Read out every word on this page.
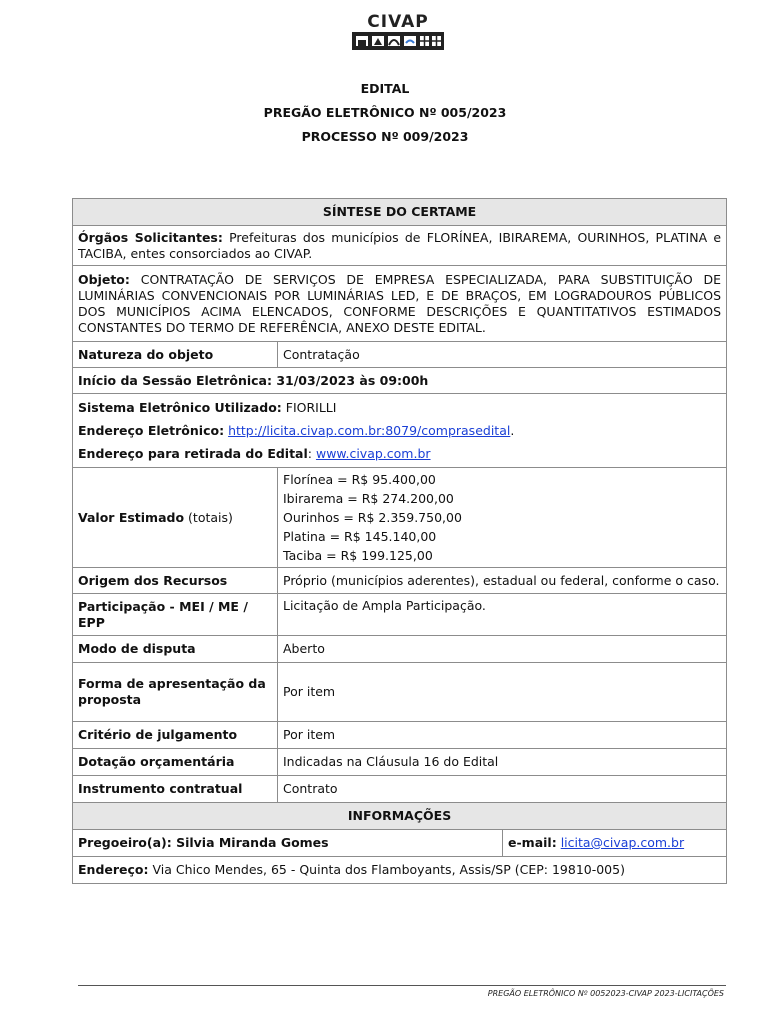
CIVAP
EDITAL
PREGÃO ELETRÔNICO Nº 005/2023
PROCESSO Nº 009/2023
SÍNTESE DO CERTAME		
Órgãos Solicitantes: Prefeituras dos municípios de FLORÍNEA, IBIRAREMA, OURINHOS, PLATINA e TACIBA, entes consorciados ao CIVAP.		
Objeto: CONTRATAÇÃO DE SERVIÇOS DE EMPRESA ESPECIALIZADA, PARA SUBSTITUIÇÃO DE LUMINÁRIAS CONVENCIONAIS POR LUMINÁRIAS LED, E DE BRAÇOS, EM LOGRADOUROS PÚBLICOS DOS MUNICÍPIOS ACIMA ELENCADOS, CONFORME DESCRIÇÕES E QUANTITATIVOS ESTIMADOS CONSTANTES DO TERMO DE REFERÊNCIA, ANEXO DESTE EDITAL.		
Natureza do objeto	Contratação	
Início da Sessão Eletrônica: 31/03/2023 às 09:00h		

Sistema Eletrônico Utilizado: FIORILLI
Endereço Eletrônico: http://licita.civap.com.br:8079/comprasedital.
Endereço para retirada do Edital: www.civap.com.br		

Valor Estimado (totais)	Florínea = R$ 95.400,00
Ibirarema = R$ 274.200,00
Ourinhos = R$ 2.359.750,00
Platina = R$ 145.140,00
Taciba = R$ 199.125,00	

Origem dos Recursos	Próprio (municípios aderentes), estadual ou federal, conforme o caso.	
Participação - MEI / ME / EPP	Licitação de Ampla Participação.	
Modo de disputa	Aberto	
Forma de apresentação da proposta	Por item	
Critério de julgamento	Por item	
Dotação orçamentária	Indicadas na Cláusula 16 do Edital	
Instrumento contratual	Contrato	
INFORMAÇÕES		
Pregoeiro(a): Silvia Miranda Gomes		e-mail: licita@civap.com.br
Endereço: Via Chico Mendes, 65 - Quinta dos Flamboyants, Assis/SP (CEP: 19810-005)		
PREGÃO ELETRÔNICO Nº 0052023-CIVAP 2023-LICITAÇÕES
